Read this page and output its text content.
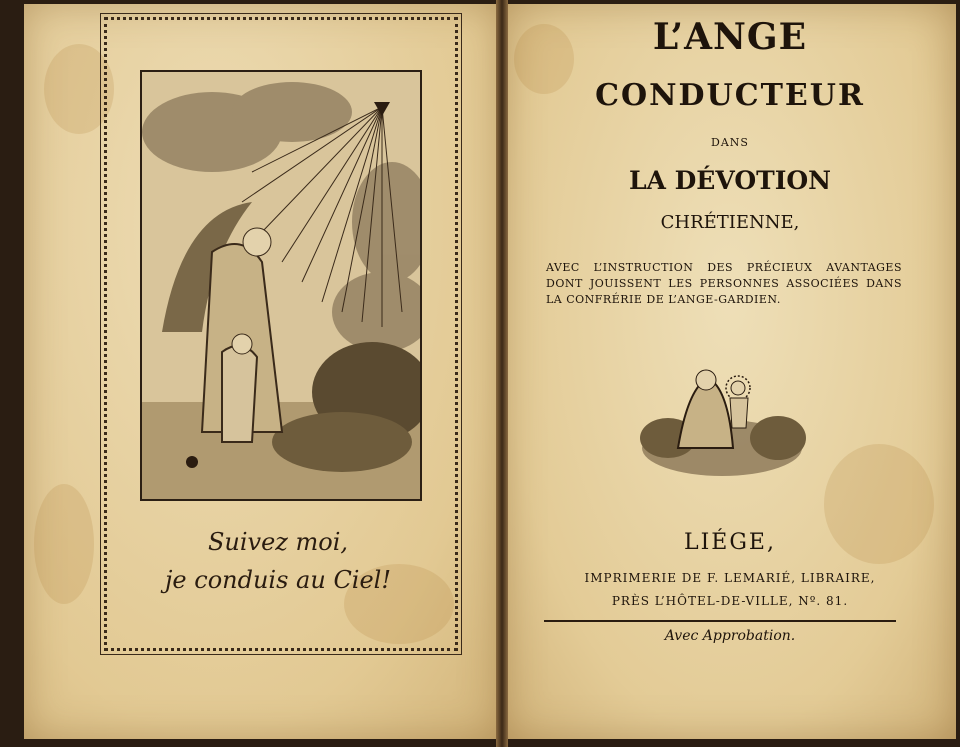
Suivez moi,
je conduis au Ciel!
L’ANGE
CONDUCTEUR
DANS
LA DÉVOTION
CHRÉTIENNE,
AVEC L’INSTRUCTION DES PRÉCIEUX AVANTAGES DONT JOUISSENT LES PERSONNES ASSOCIÉES DANS LA CONFRÉRIE DE L’ANGE-GARDIEN.
LIÉGE,
IMPRIMERIE DE F. LEMARIÉ, LIBRAIRE,
PRÈS L’HÔTEL-DE-VILLE, Nº. 81.
Avec Approbation.
